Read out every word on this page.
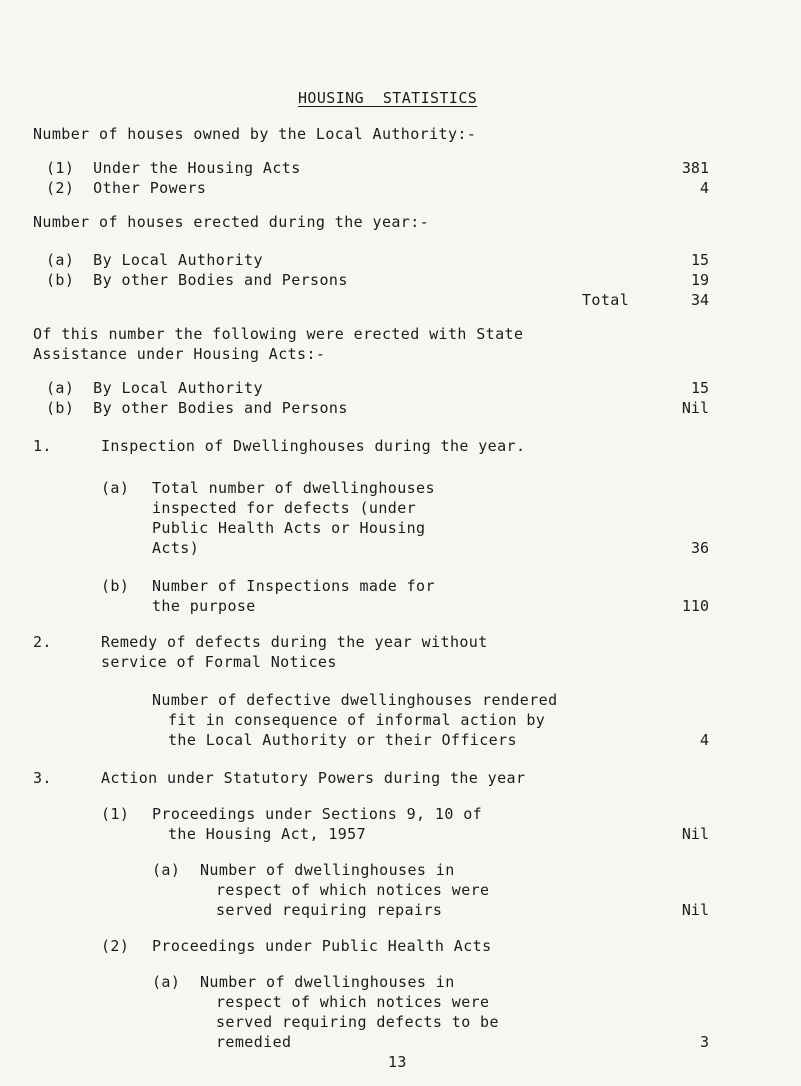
HOUSING  STATISTICS
Number of houses owned by the Local Authority:-
(1)  Under the Housing Acts	381
(2)  Other Powers	4
Number of houses erected during the year:-
(a)  By Local Authority	15
(b)  By other Bodies and Persons	19
Total	34
Of this number the following were erected with State
Assistance under Housing Acts:-
(a)  By Local Authority	15
(b)  By other Bodies and Persons	Nil
1.	Inspection of Dwellinghouses during the year.
(a) Total number of dwellinghouses
inspected for defects (under
Public Health Acts or Housing
Acts)	36
(b) Number of Inspections made for
the purpose	110
2.	Remedy of defects during the year without
service of Formal Notices
Number of defective dwellinghouses rendered
fit in consequence of informal action by
the Local Authority or their Officers	4
3.	Action under Statutory Powers during the year
(1) Proceedings under Sections 9, 10 of
the Housing Act, 1957	Nil
(a) Number of dwellinghouses in
respect of which notices were
served requiring repairs	Nil
(2) Proceedings under Public Health Acts
(a) Number of dwellinghouses in
respect of which notices were
served requiring defects to be
remedied	3
13
